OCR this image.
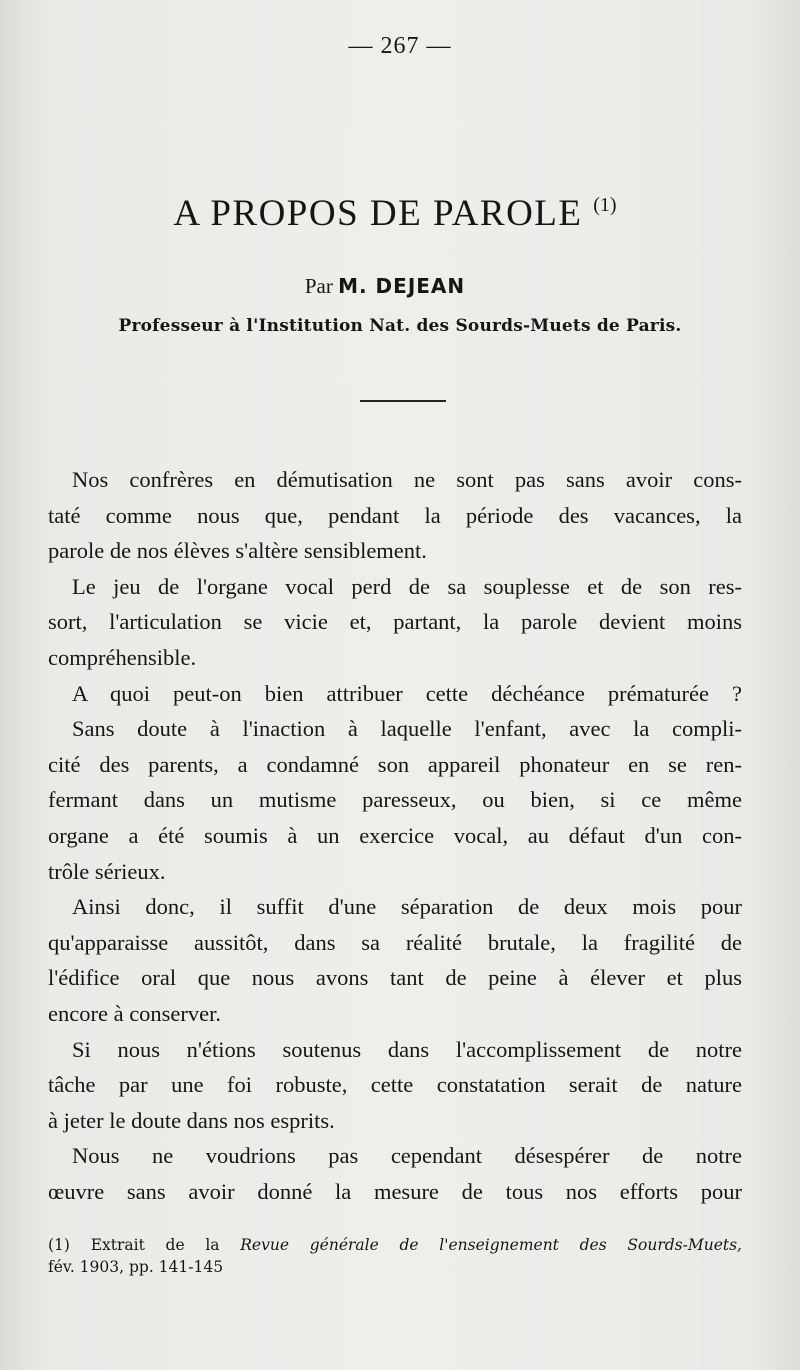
— 267 —
A PROPOS DE PAROLE $^{(1)}$
Par M. DEJEAN
Professeur à l'Institution Nat. des Sourds-Muets de Paris.
Nos confrères en démutisation ne sont pas sans avoir cons-
taté comme nous que, pendant la période des vacances, la
parole de nos élèves s'altère sensiblement.
Le jeu de l'organe vocal perd de sa souplesse et de son res-
sort, l'articulation se vicie et, partant, la parole devient moins
compréhensible.
A quoi peut-on bien attribuer cette déchéance prématurée ?
Sans doute à l'inaction à laquelle l'enfant, avec la compli-
cité des parents, a condamné son appareil phonateur en se ren-
fermant dans un mutisme paresseux, ou bien, si ce même
organe a été soumis à un exercice vocal, au défaut d'un con-
trôle sérieux.
Ainsi donc, il suffit d'une séparation de deux mois pour
qu'apparaisse aussitôt, dans sa réalité brutale, la fragilité de
l'édifice oral que nous avons tant de peine à élever et plus
encore à conserver.
Si nous n'étions soutenus dans l'accomplissement de notre
tâche par une foi robuste, cette constatation serait de nature
à jeter le doute dans nos esprits.
Nous ne voudrions pas cependant désespérer de notre
œuvre sans avoir donné la mesure de tous nos efforts pour
(1) Extrait de la Revue générale de l'enseignement des Sourds-Muets,
fév. 1903, pp. 141-145
